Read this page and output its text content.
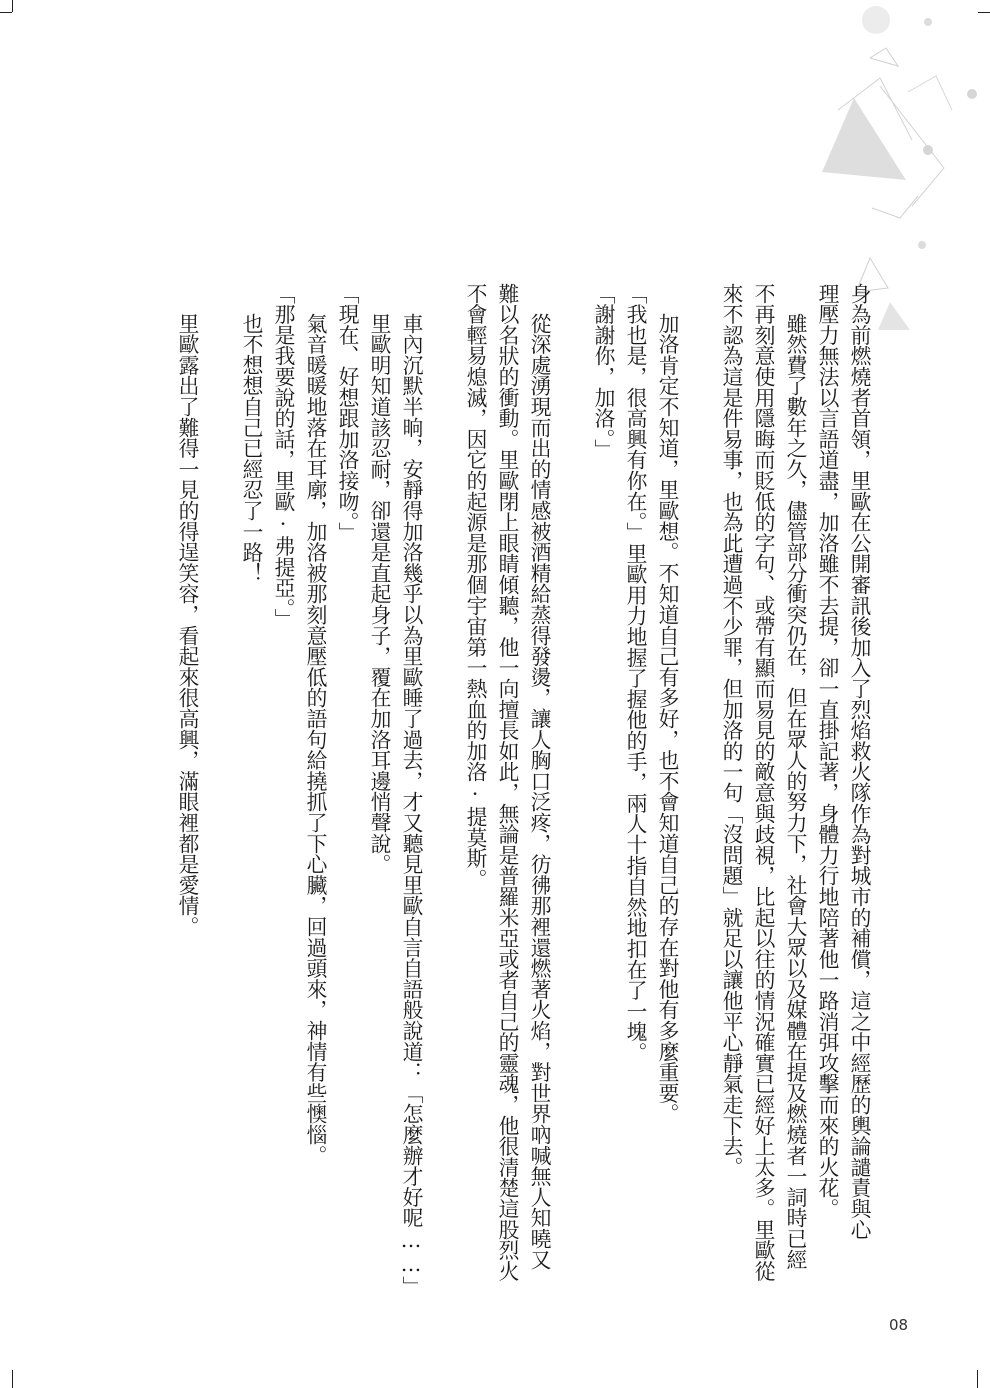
身為前燃燒者首領，里歐在公開審訊後加入了烈焰救火隊作為對城市的補償，這之中經歷的輿論譴責與心
理壓力無法以言語道盡，加洛雖不去提，卻一直掛記著，身體力行地陪著他一路消弭攻擊而來的火花。
雖然費了數年之久，儘管部分衝突仍在，但在眾人的努力下，社會大眾以及媒體在提及燃燒者一詞時已經
不再刻意使用隱晦而貶低的字句、或帶有顯而易見的敵意與歧視，比起以往的情況確實已經好上太多。里歐從
來不認為這是件易事，也為此遭過不少罪，但加洛的一句「沒問題」就足以讓他平心靜氣走下去。
加洛肯定不知道，里歐想。不知道自己有多好，也不會知道自己的存在對他有多麼重要。
「我也是，很高興有你在。」里歐用力地握了握他的手，兩人十指自然地扣在了一塊。
「謝謝你，加洛。」
從深處湧現而出的情感被酒精給蒸得發燙，讓人胸口泛疼，彷彿那裡還燃著火焰，對世界吶喊無人知曉又
難以名狀的衝動。里歐閉上眼睛傾聽，他一向擅長如此，無論是普羅米亞或者自己的靈魂，他很清楚這股烈火
不會輕易熄滅，因它的起源是那個宇宙第一熱血的加洛·提莫斯。
車內沉默半晌，安靜得加洛幾乎以為里歐睡了過去，才又聽見里歐自言自語般說道：「怎麼辦才好呢……」
里歐明知道該忍耐，卻還是直起身子，覆在加洛耳邊悄聲說。
「現在、好想跟加洛接吻。」
氣音暖暖地落在耳廓，加洛被那刻意壓低的語句給撓抓了下心臟，回過頭來，神情有些懊惱。
「那是我要說的話，里歐·弗提亞。」
也不想想自己已經忍了一路！
里歐露出了難得一見的得逞笑容，看起來很高興，滿眼裡都是愛情。
08
